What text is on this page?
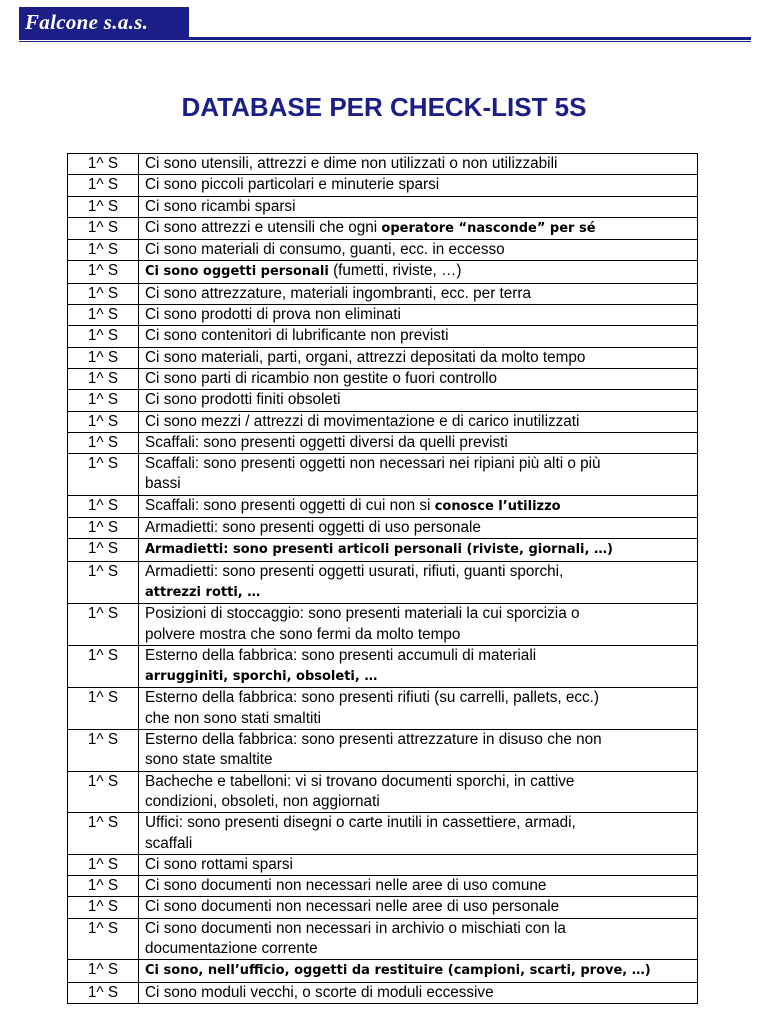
Falcone s.a.s.
DATABASE PER CHECK-LIST 5S
1^ S	Ci sono utensili, attrezzi e dime non utilizzati o non utilizzabili
1^ S	Ci sono piccoli particolari e minuterie sparsi
1^ S	Ci sono ricambi sparsi
1^ S	Ci sono attrezzi e utensili che ogni operatore “nasconde” per sé
1^ S	Ci sono materiali di consumo, guanti, ecc. in eccesso
1^ S	Ci sono oggetti personali (fumetti, riviste, …)
1^ S	Ci sono attrezzature, materiali ingombranti, ecc. per terra
1^ S	Ci sono prodotti di prova non eliminati
1^ S	Ci sono contenitori di lubrificante non previsti
1^ S	Ci sono materiali, parti, organi, attrezzi depositati da molto tempo
1^ S	Ci sono parti di ricambio non gestite o fuori controllo
1^ S	Ci sono prodotti finiti obsoleti
1^ S	Ci sono mezzi / attrezzi di movimentazione e di carico inutilizzati
1^ S	Scaffali: sono presenti oggetti diversi da quelli previsti
1^ S	Scaffali: sono presenti oggetti non necessari nei ripiani più alti o più
bassi
1^ S	Scaffali: sono presenti oggetti di cui non si conosce l’utilizzo
1^ S	Armadietti: sono presenti oggetti di uso personale
1^ S	Armadietti: sono presenti articoli personali (riviste, giornali, …)
1^ S	Armadietti: sono presenti oggetti usurati, rifiuti, guanti sporchi,
attrezzi rotti, …
1^ S	Posizioni di stoccaggio: sono presenti materiali la cui sporcizia o
polvere mostra che sono fermi da molto tempo
1^ S	Esterno della fabbrica: sono presenti accumuli di materiali
arrugginiti, sporchi, obsoleti, …
1^ S	Esterno della fabbrica: sono presenti rifiuti (su carrelli, pallets, ecc.)
che non sono stati smaltiti
1^ S	Esterno della fabbrica: sono presenti attrezzature in disuso che non
sono state smaltite
1^ S	Bacheche e tabelloni: vi si trovano documenti sporchi, in cattive
condizioni, obsoleti, non aggiornati
1^ S	Uffici: sono presenti disegni o carte inutili in cassettiere, armadi,
scaffali
1^ S	Ci sono rottami sparsi
1^ S	Ci sono documenti non necessari nelle aree di uso comune
1^ S	Ci sono documenti non necessari nelle aree di uso personale
1^ S	Ci sono documenti non necessari in archivio o mischiati con la
documentazione corrente
1^ S	Ci sono, nell’ufficio, oggetti da restituire (campioni, scarti, prove, …)
1^ S	Ci sono moduli vecchi, o scorte di moduli eccessive
